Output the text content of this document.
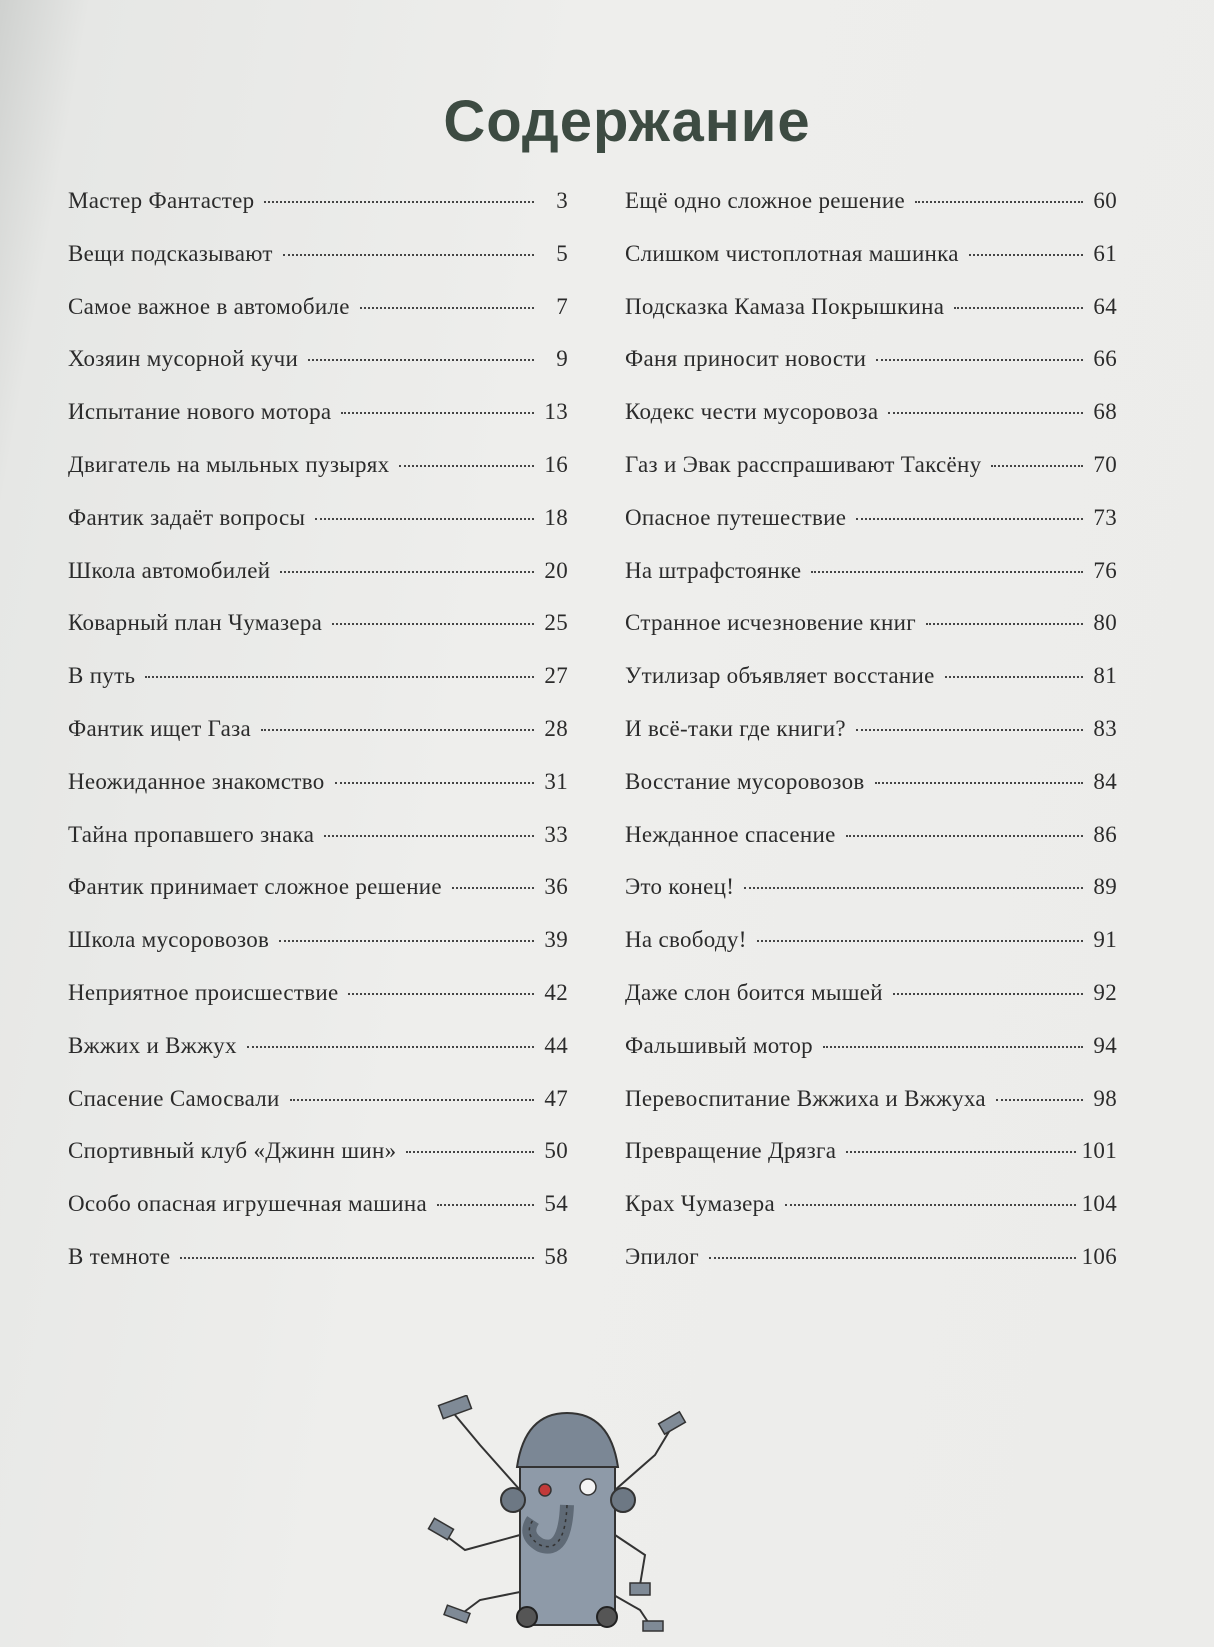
Содержание
Мастер Фантастер	3
Вещи подсказывают	5
Самое важное в автомобиле	7
Хозяин мусорной кучи	9
Испытание нового мотора	13
Двигатель на мыльных пузырях	16
Фантик задаёт вопросы	18
Школа автомобилей	20
Коварный план Чумазера	25
В путь	27
Фантик ищет Газа	28
Неожиданное знакомство	31
Тайна пропавшего знака	33
Фантик принимает сложное решение	36
Школа мусоровозов	39
Неприятное происшествие	42
Вжжих и Вжжух	44
Спасение Самосвали	47
Спортивный клуб «Джинн шин»	50
Особо опасная игрушечная машина	54
В темноте	58
Ещё одно сложное решение	60
Слишком чистоплотная машинка	61
Подсказка Камаза Покрышкина	64
Фаня приносит новости	66
Кодекс чести мусоровоза	68
Газ и Эвак расспрашивают Таксёну	70
Опасное путешествие	73
На штрафстоянке	76
Странное исчезновение книг	80
Утилизар объявляет восстание	81
И всё-таки где книги?	83
Восстание мусоровозов	84
Нежданное спасение	86
Это конец!	89
На свободу!	91
Даже слон боится мышей	92
Фальшивый мотор	94
Перевоспитание Вжжиха и Вжжуха	98
Превращение Дрязга	101
Крах Чумазера	104
Эпилог	106
